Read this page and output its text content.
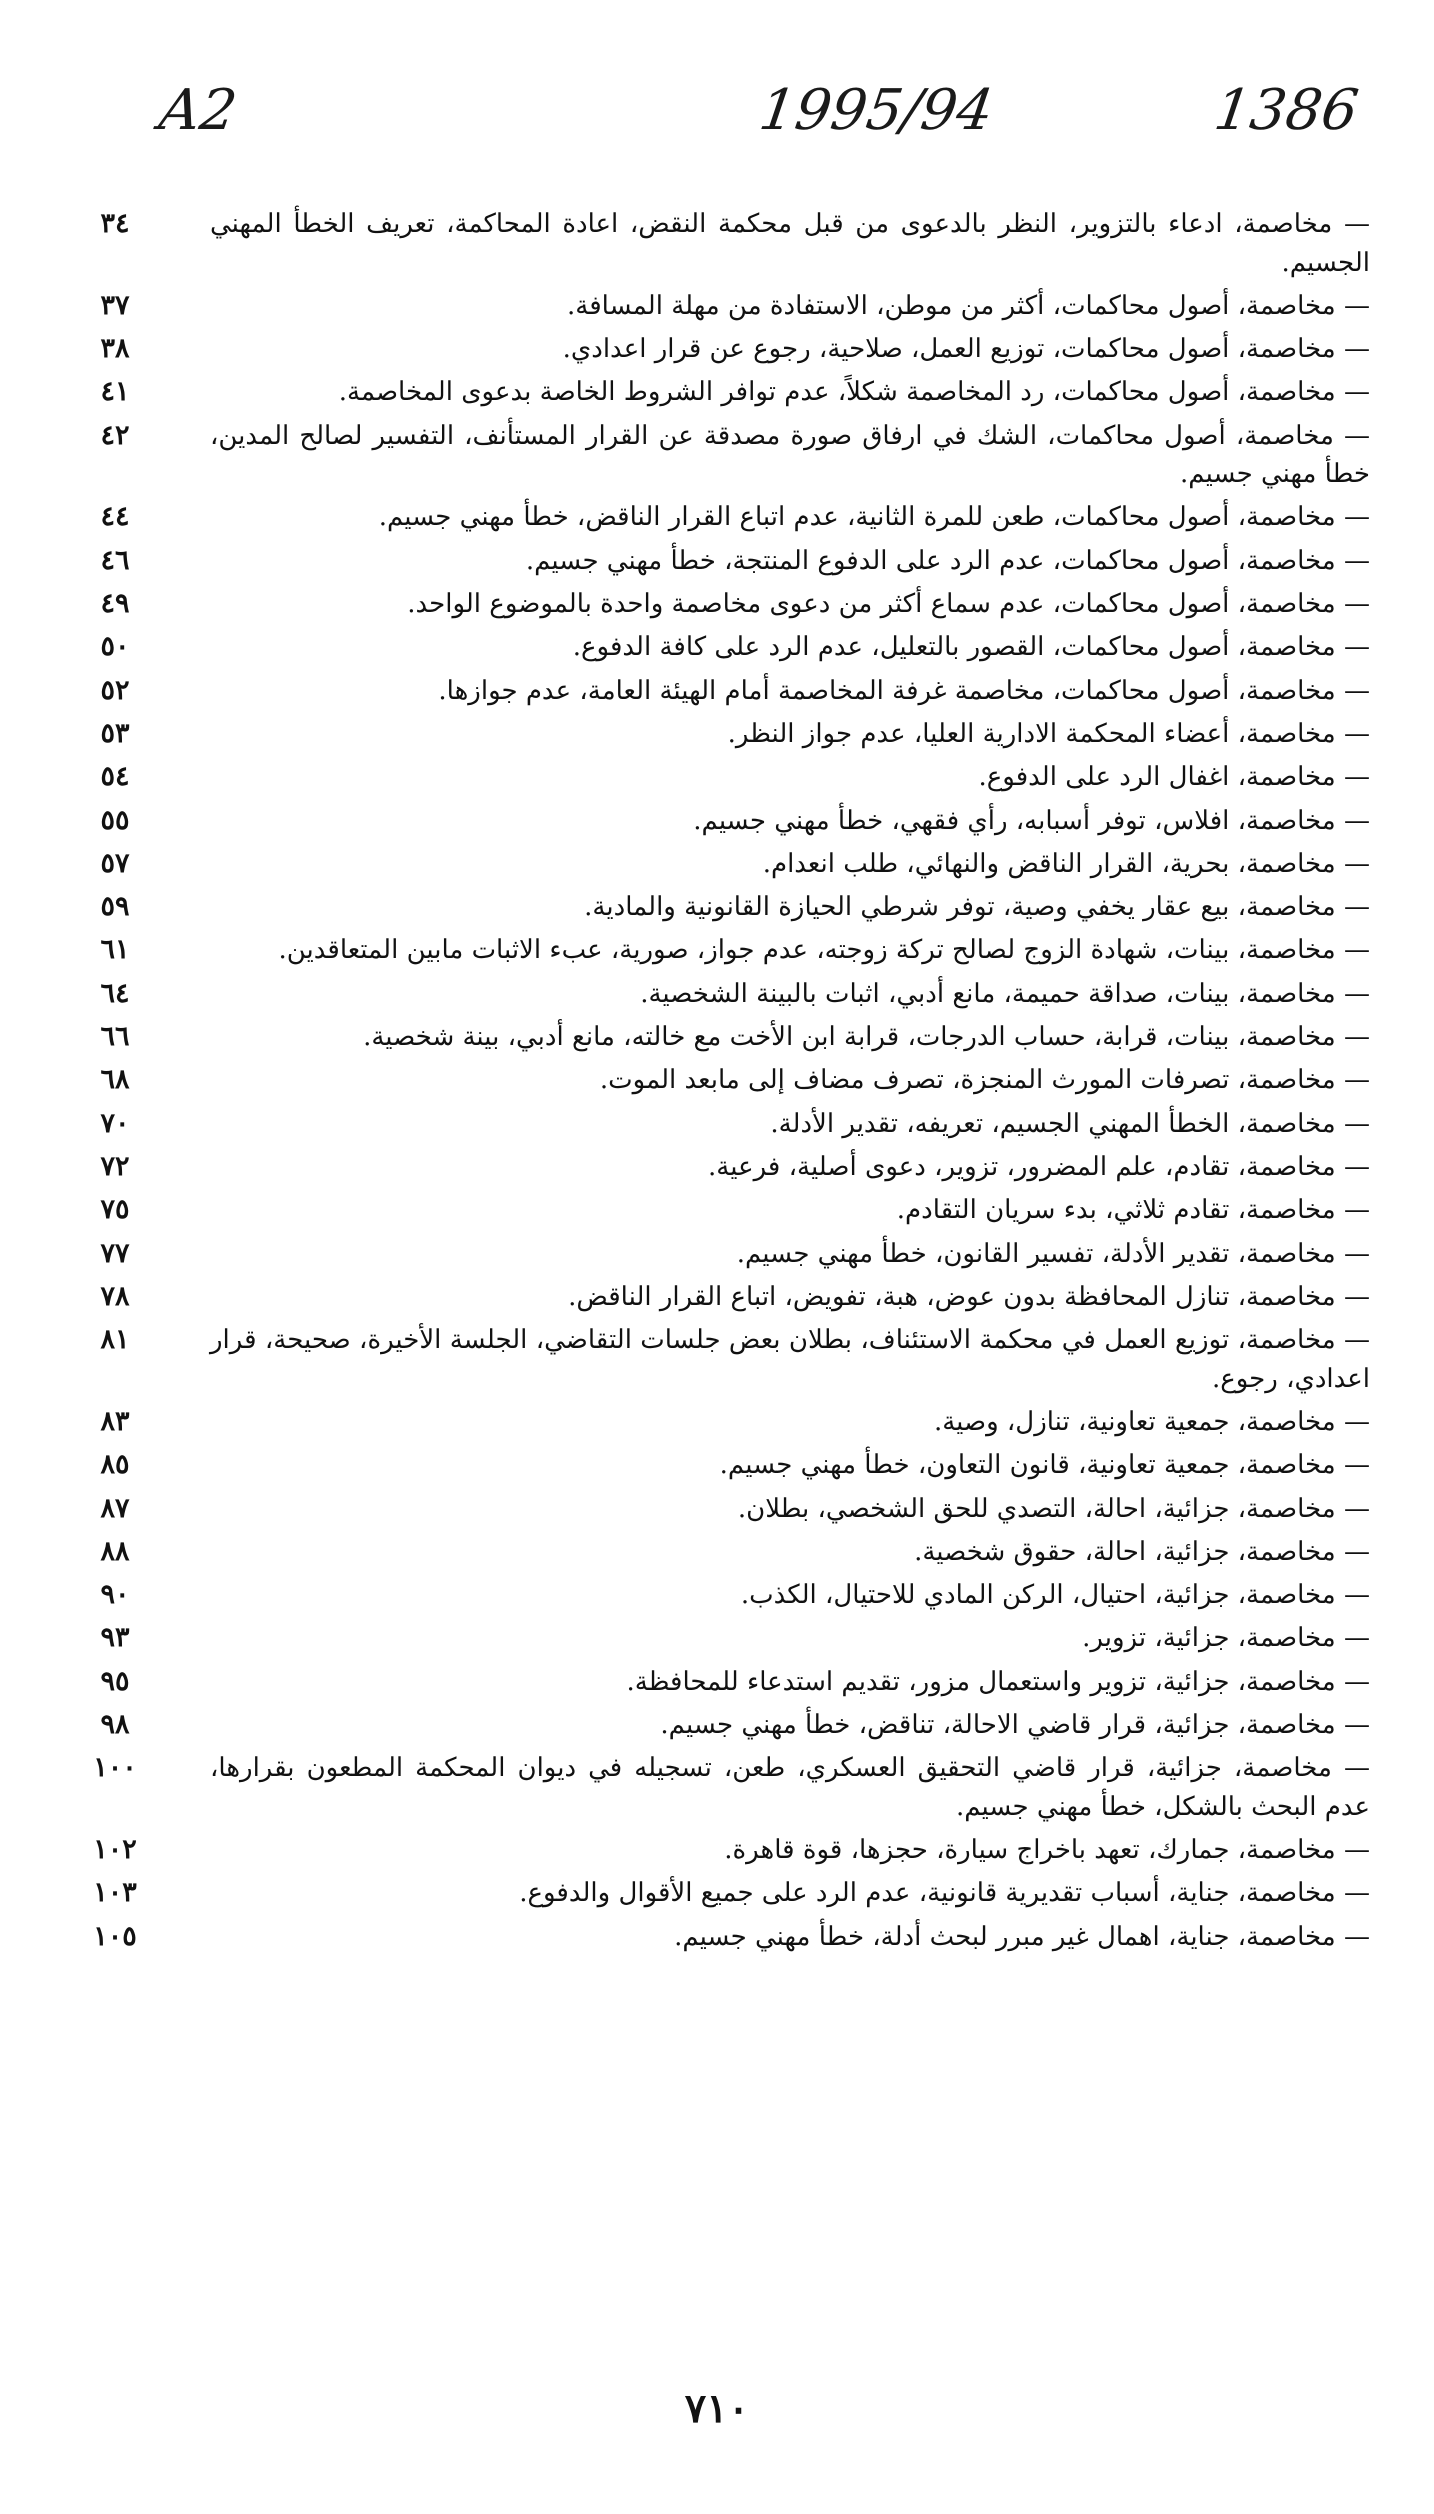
A2	1995/94	1386
— مخاصمة، ادعاء بالتزوير، النظر بالدعوى من قبل محكمة النقض، اعادة المحاكمة، تعريف الخطأ المهني الجسيم.
٣٤
— مخاصمة، أصول محاكمات، أكثر من موطن، الاستفادة من مهلة المسافة.
٣٧
— مخاصمة، أصول محاكمات، توزيع العمل، صلاحية، رجوع عن قرار اعدادي.
٣٨
— مخاصمة، أصول محاكمات، رد المخاصمة شكلاً، عدم توافر الشروط الخاصة بدعوى المخاصمة.
٤١
— مخاصمة، أصول محاكمات، الشك في ارفاق صورة مصدقة عن القرار المستأنف، التفسير لصالح المدين، خطأ مهني جسيم.
٤٢
— مخاصمة، أصول محاكمات، طعن للمرة الثانية، عدم اتباع القرار الناقض، خطأ مهني جسيم.
٤٤
— مخاصمة، أصول محاكمات، عدم الرد على الدفوع المنتجة، خطأ مهني جسيم.
٤٦
— مخاصمة، أصول محاكمات، عدم سماع أكثر من دعوى مخاصمة واحدة بالموضوع الواحد.
٤٩
— مخاصمة، أصول محاكمات، القصور بالتعليل، عدم الرد على كافة الدفوع.
٥٠
— مخاصمة، أصول محاكمات، مخاصمة غرفة المخاصمة أمام الهيئة العامة، عدم جوازها.
٥٢
— مخاصمة، أعضاء المحكمة الادارية العليا، عدم جواز النظر.
٥٣
— مخاصمة، اغفال الرد على الدفوع.
٥٤
— مخاصمة، افلاس، توفر أسبابه، رأي فقهي، خطأ مهني جسيم.
٥٥
— مخاصمة، بحرية، القرار الناقض والنهائي، طلب انعدام.
٥٧
— مخاصمة، بيع عقار يخفي وصية، توفر شرطي الحيازة القانونية والمادية.
٥٩
— مخاصمة، بينات، شهادة الزوج لصالح تركة زوجته، عدم جواز، صورية، عبء الاثبات مابين المتعاقدين.
٦١
— مخاصمة، بينات، صداقة حميمة، مانع أدبي، اثبات بالبينة الشخصية.
٦٤
— مخاصمة، بينات، قرابة، حساب الدرجات، قرابة ابن الأخت مع خالته، مانع أدبي، بينة شخصية.
٦٦
— مخاصمة، تصرفات المورث المنجزة، تصرف مضاف إلى مابعد الموت.
٦٨
— مخاصمة، الخطأ المهني الجسيم، تعريفه، تقدير الأدلة.
٧٠
— مخاصمة، تقادم، علم المضرور، تزوير، دعوى أصلية، فرعية.
٧٢
— مخاصمة، تقادم ثلاثي، بدء سريان التقادم.
٧٥
— مخاصمة، تقدير الأدلة، تفسير القانون، خطأ مهني جسيم.
٧٧
— مخاصمة، تنازل المحافظة بدون عوض، هبة، تفويض، اتباع القرار الناقض.
٧٨
— مخاصمة، توزيع العمل في محكمة الاستئناف، بطلان بعض جلسات التقاضي، الجلسة الأخيرة، صحيحة، قرار اعدادي، رجوع.
٨١
— مخاصمة، جمعية تعاونية، تنازل، وصية.
٨٣
— مخاصمة، جمعية تعاونية، قانون التعاون، خطأ مهني جسيم.
٨٥
— مخاصمة، جزائية، احالة، التصدي للحق الشخصي، بطلان.
٨٧
— مخاصمة، جزائية، احالة، حقوق شخصية.
٨٨
— مخاصمة، جزائية، احتيال، الركن المادي للاحتيال، الكذب.
٩٠
— مخاصمة، جزائية، تزوير.
٩٣
— مخاصمة، جزائية، تزوير واستعمال مزور، تقديم استدعاء للمحافظة.
٩٥
— مخاصمة، جزائية، قرار قاضي الاحالة، تناقض، خطأ مهني جسيم.
٩٨
— مخاصمة، جزائية، قرار قاضي التحقيق العسكري، طعن، تسجيله في ديوان المحكمة المطعون بقرارها، عدم البحث بالشكل، خطأ مهني جسيم.
١٠٠
— مخاصمة، جمارك، تعهد باخراج سيارة، حجزها، قوة قاهرة.
١٠٢
— مخاصمة، جناية، أسباب تقديرية قانونية، عدم الرد على جميع الأقوال والدفوع.
١٠٣
— مخاصمة، جناية، اهمال غير مبرر لبحث أدلة، خطأ مهني جسيم.
١٠٥
٧١٠
